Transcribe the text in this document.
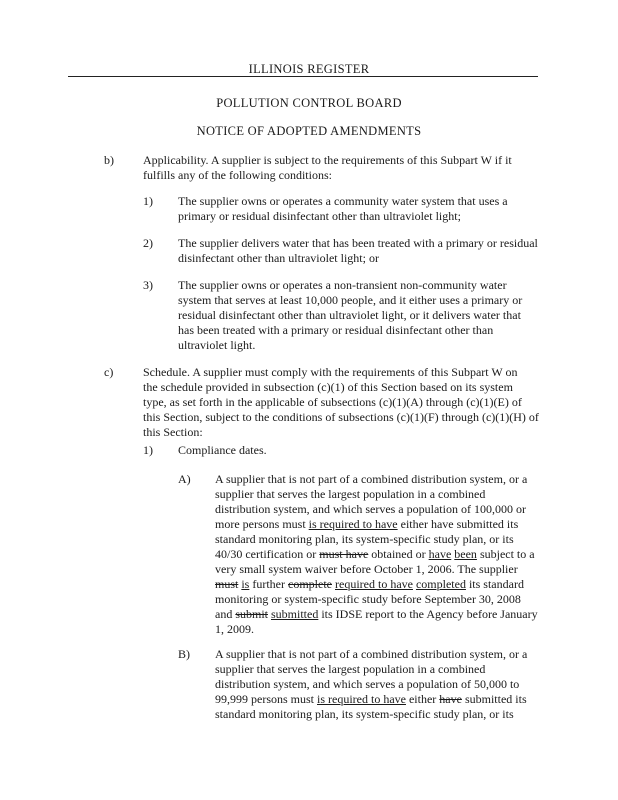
ILLINOIS REGISTER
POLLUTION CONTROL BOARD
NOTICE OF ADOPTED AMENDMENTS
b) Applicability. A supplier is subject to the requirements of this Subpart W if it
fulfills any of the following conditions:
1) The supplier owns or operates a community water system that uses a
primary or residual disinfectant other than ultraviolet light;
2) The supplier delivers water that has been treated with a primary or residual
disinfectant other than ultraviolet light; or
3) The supplier owns or operates a non-transient non-community water
system that serves at least 10,000 people, and it either uses a primary or
residual disinfectant other than ultraviolet light, or it delivers water that
has been treated with a primary or residual disinfectant other than
ultraviolet light.
c) Schedule. A supplier must comply with the requirements of this Subpart W on
the schedule provided in subsection (c)(1) of this Section based on its system
type, as set forth in the applicable of subsections (c)(1)(A) through (c)(1)(E) of
this Section, subject to the conditions of subsections (c)(1)(F) through (c)(1)(H) of
this Section:
1) Compliance dates.
A) A supplier that is not part of a combined distribution system, or a
supplier that serves the largest population in a combined
distribution system, and which serves a population of 100,000 or
more persons must is required to have either have submitted its
standard monitoring plan, its system-specific study plan, or its
40/30 certification or must have obtained or have been subject to a
very small system waiver before October 1, 2006. The supplier
must is further complete required to have completed its standard
monitoring or system-specific study before September 30, 2008
and submit submitted its IDSE report to the Agency before January
1, 2009.
B) A supplier that is not part of a combined distribution system, or a
supplier that serves the largest population in a combined
distribution system, and which serves a population of 50,000 to
99,999 persons must is required to have either have submitted its
standard monitoring plan, its system-specific study plan, or its
